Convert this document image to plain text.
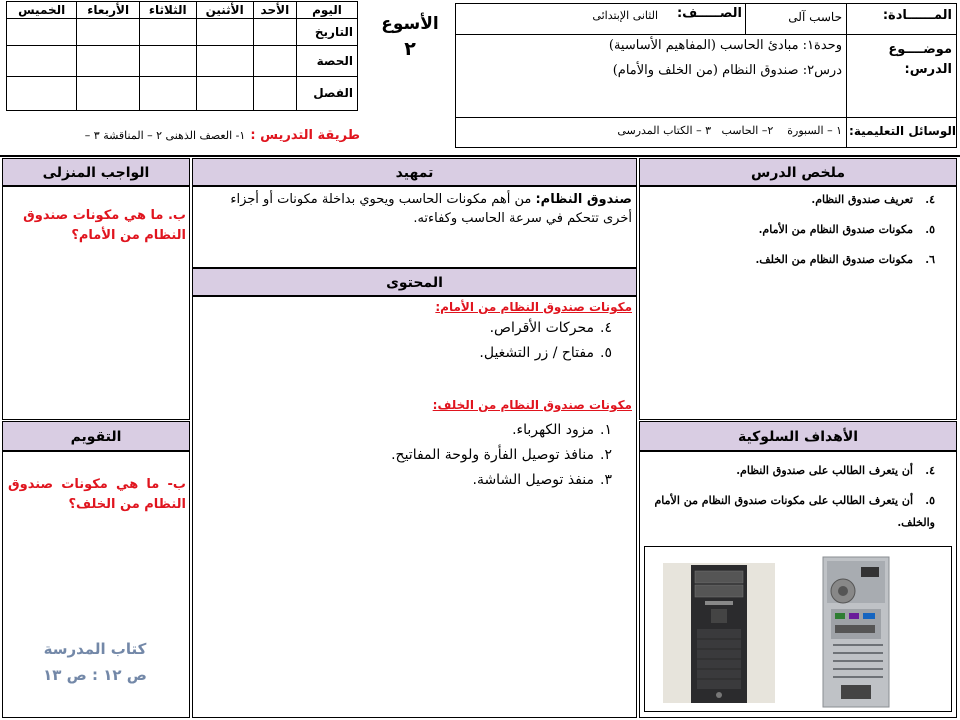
اليوم	الأحد	الأثنين	الثلاثاء	الأربعاء	الخميس
التاريخ					
الحصة					
الفصل					
الأسوع
٢
المــــــادة:
حاسب آلى
الصـــــف:
الثانى الإبتدائى
موضــــوع الدرس:
وحدة١: مبادئ الحاسب (المفاهيم الأساسية)
درس٢: صندوق النظام (من الخلف والأمام)
الوسائل التعليمية:
١ – السبورة    ٢– الحاسب   ٣ – الكتاب المدرسى
طريقة التدريس : ١- العصف الذهنى ٢ – المناقشة ٣ –
الواجب المنزلى	تمهيد	ملخص الدرس
ب. ما هي مكونات صندوق النظام من الأمام؟
صندوق النظام: من أهم مكونات الحاسب ويحوي بداخلة مكونات أو أجزاء أخرى تتحكم في سرعة الحاسب وكفاءته.
٤.تعريف صندوق النظام.
٥.مكونات صندوق النظام من الأمام.
٦.مكونات صندوق النظام من الخلف.
المحتوى
مكونات صندوق النظام من الأمام:
٤.محركات الأقراص.
٥.مفتاح / زر التشغيل.
مكونات صندوق النظام من الخلف:
١.مزود الكهرباء.
٢.منافذ توصيل الفأرة ولوحة المفاتيح.
٣.منفذ توصيل الشاشة.
التقويم
ب- ما هي مكونات صندوق النظام من الخلف؟
كتاب المدرسة
ص ١٢ : ص ١٣
الأهداف السلوكية
٤.أن يتعرف الطالب على صندوق النظام.
٥.أن يتعرف الطالب على مكونات صندوق النظام من الأمام والخلف.
